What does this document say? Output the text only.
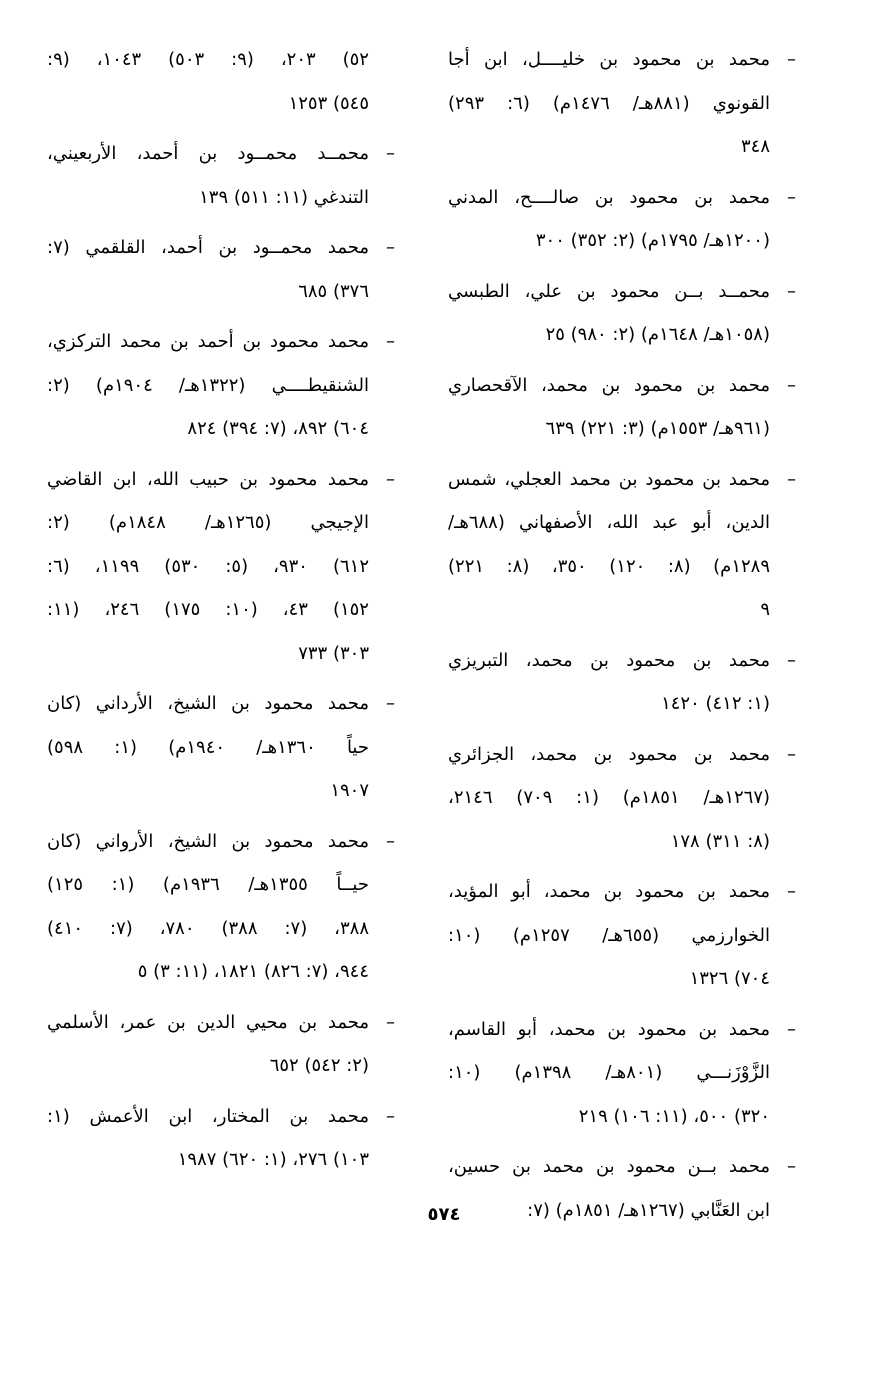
–
محمد بن محمود بن خليــــل، ابن أجا
القونوي (٨٨١هـ/ ١٤٧٦م) (٦: ٢٩٣)
٣٤٨
–
محمد بن محمود بن صالــــح، المدني
(١٢٠٠هـ/ ١٧٩٥م) (٢: ٣٥٢) ٣٠٠
–
محمــد بــن محمود بن علي، الطبسي
(١٠٥٨هـ/ ١٦٤٨م) (٢: ٩٨٠) ٢٥
–
محمد بن محمود بن محمد، الآقحصاري
(٩٦١هـ/ ١٥٥٣م) (٣: ٢٢١) ٦٣٩
–
محمد بن محمود بن محمد العجلي، شمس
الدين، أبو عبد الله، الأصفهاني (٦٨٨هـ/
١٢٨٩م) (٨: ١٢٠) ٣٥٠، (٨: ٢٢١)
٩
–
محمد بن محمود بن محمد، التبريزي
(١: ٤١٢) ١٤٢٠
–
محمد بن محمود بن محمد، الجزائري
(١٢٦٧هـ/ ١٨٥١م) (١: ٧٠٩) ٢١٤٦،
(٨: ٣١١) ١٧٨
–
محمد بن محمود بن محمد، أبو المؤيد،
الخوارزمي (٦٥٥هـ/ ١٢٥٧م) (١٠:
٧٠٤) ١٣٢٦
–
محمد بن محمود بن محمد، أبو القاسم،
الزَّوْزَنـــي (٨٠١هـ/ ١٣٩٨م) (١٠:
٣٢٠) ٥٠٠، (١١: ١٠٦) ٢١٩
–
محمد بــن محمود بن محمد بن حسين،
ابن العَنَّابي (١٢٦٧هـ/ ١٨٥١م) (٧:
٥٢) ٢٠٣، (٩: ٥٠٣) ١٠٤٣، (٩:
٥٤٥) ١٢٥٣
–
محمــد محمــود بن أحمد، الأربعيني،
التندغي (١١: ٥١١) ١٣٩
–
محمد محمــود بن أحمد، القلقمي (٧:
٣٧٦) ٦٨٥
–
محمد محمود بن أحمد بن محمد التركزي،
الشنقيطــــي (١٣٢٢هـ/ ١٩٠٤م) (٢:
٦٠٤) ٨٩٢، (٧: ٣٩٤) ٨٢٤
–
محمد محمود بن حبيب الله، ابن القاضي
الإجيجي (١٢٦٥هـ/ ١٨٤٨م) (٢:
٦١٢) ٩٣٠، (٥: ٥٣٠) ١١٩٩، (٦:
١٥٢) ٤٣، (١٠: ١٧٥) ٢٤٦، (١١:
٣٠٣) ٧٣٣
–
محمد محمود بن الشيخ، الأرداني (كان
حياً ١٣٦٠هـ/ ١٩٤٠م) (١: ٥٩٨)
١٩٠٧
–
محمد محمود بن الشيخ، الأرواني (كان
حيــاً ١٣٥٥هـ/ ١٩٣٦م) (١: ١٢٥)
٣٨٨، (٧: ٣٨٨) ٧٨٠، (٧: ٤١٠)
٩٤٤، (٧: ٨٢٦) ١٨٢١، (١١: ٣) ٥
–
محمد بن محيي الدين بن عمر، الأسلمي
(٢: ٥٤٢) ٦٥٢
–
محمد بن المختار، ابن الأعمش (١:
١٠٣) ٢٧٦، (١: ٦٢٠) ١٩٨٧
٥٧٤
